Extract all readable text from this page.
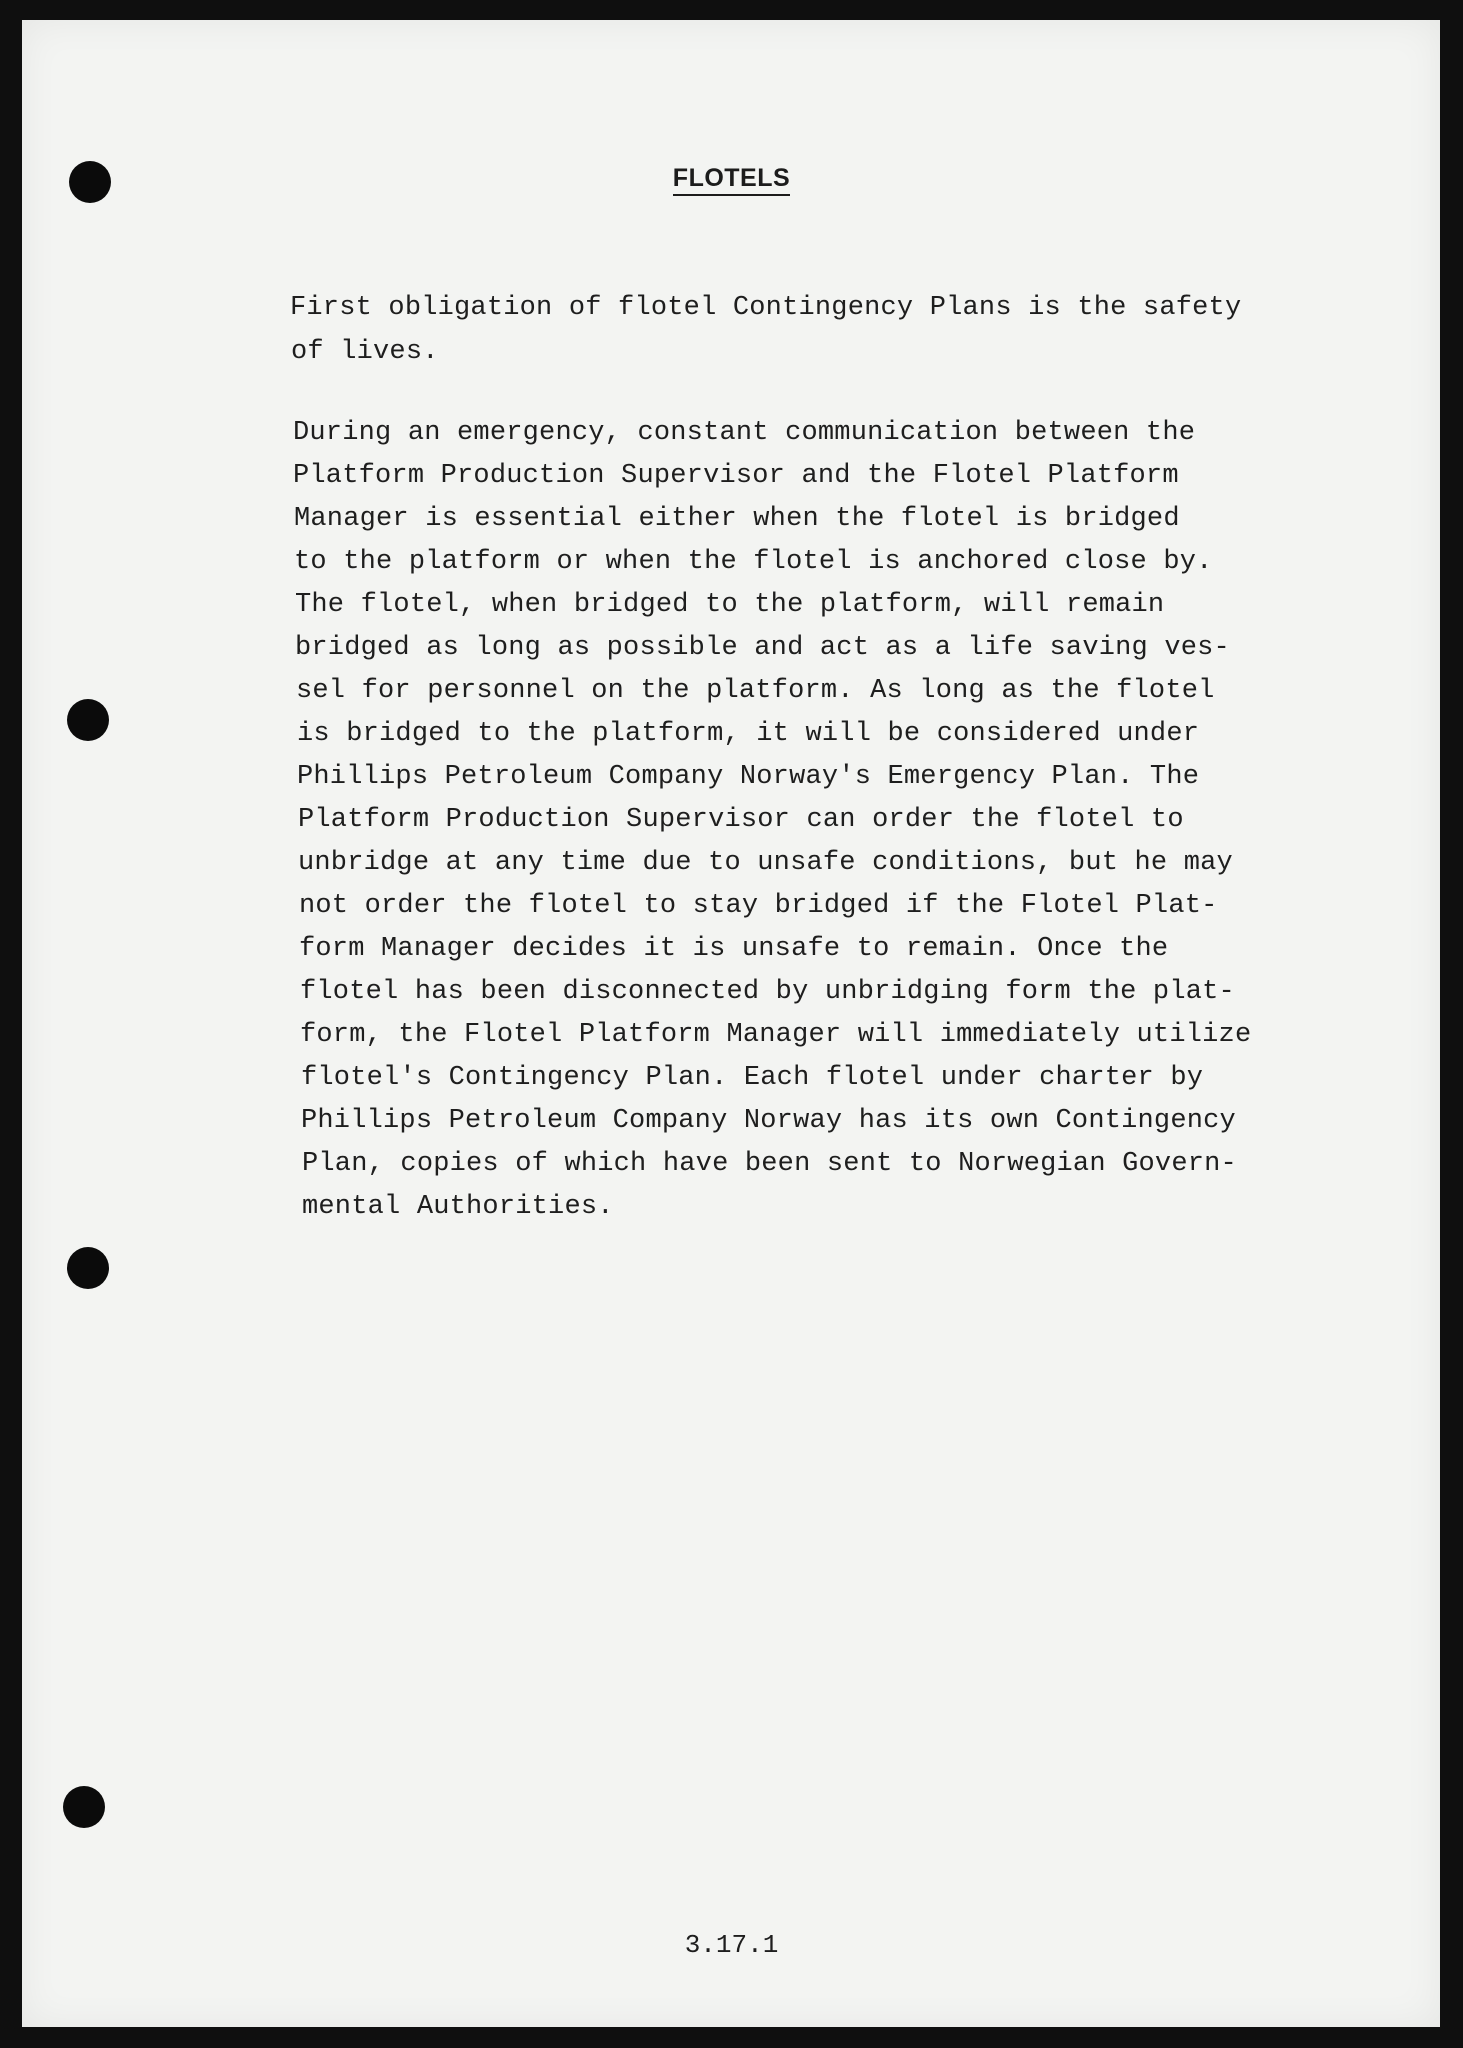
FLOTELS
First obligation of flotel Contingency Plans is the safety
of lives.
During an emergency, constant communication between the
Platform Production Supervisor and the Flotel Platform
Manager is essential either when the flotel is bridged
to the platform or when the flotel is anchored close by.
The flotel, when bridged to the platform, will remain
bridged as long as possible and act as a life saving ves-
sel for personnel on the platform. As long as the flotel
is bridged to the platform, it will be considered under
Phillips Petroleum Company Norway's Emergency Plan. The
Platform Production Supervisor can order the flotel to
unbridge at any time due to unsafe conditions, but he may
not order the flotel to stay bridged if the Flotel Plat-
form Manager decides it is unsafe to remain. Once the
flotel has been disconnected by unbridging form the plat-
form, the Flotel Platform Manager will immediately utilize
flotel's Contingency Plan. Each flotel under charter by
Phillips Petroleum Company Norway has its own Contingency
Plan, copies of which have been sent to Norwegian Govern-
mental Authorities.
3.17.1
